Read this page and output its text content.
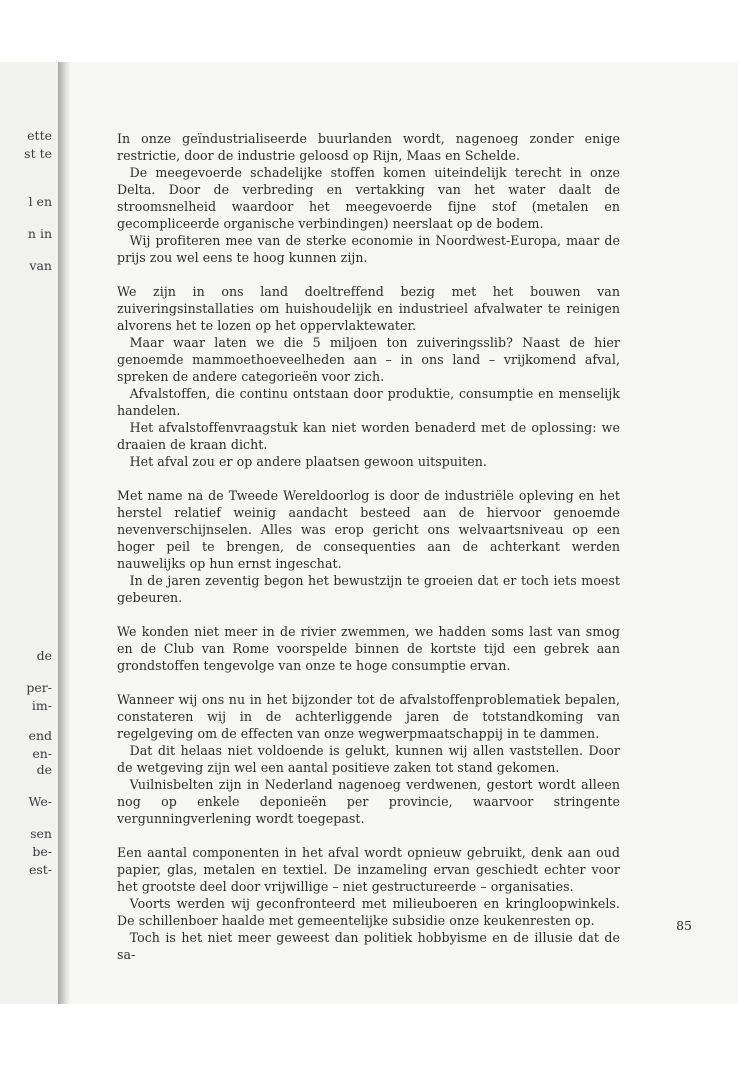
ette
st te
l en
n in
van
de
per-
im-
end
en-
de
We-
sen
be-
est-

In onze geïndustrialiseerde buurlanden wordt, nagenoeg zonder enige restrictie, door de industrie geloosd op Rijn, Maas en Schelde.

De meegevoerde schadelijke stoffen komen uiteindelijk terecht in onze Delta. Door de verbreding en vertakking van het water daalt de stroomsnelheid waardoor het meegevoerde fijne stof (metalen en gecompliceerde organische verbindingen) neerslaat op de bodem.

Wij profiteren mee van de sterke economie in Noordwest-Europa, maar de prijs zou wel eens te hoog kunnen zijn.

We zijn in ons land doeltreffend bezig met het bouwen van zuiveringsinstallaties om huishoudelijk en industrieel afvalwater te reinigen alvorens het te lozen op het oppervlaktewater.

Maar waar laten we die 5 miljoen ton zuiveringsslib? Naast de hier genoemde mammoethoeveelheden aan – in ons land – vrijkomend afval, spreken de andere categorieën voor zich.

Afvalstoffen, die continu ontstaan door produktie, consumptie en menselijk handelen.

Het afvalstoffenvraagstuk kan niet worden benaderd met de oplossing: we draaien de kraan dicht.

Het afval zou er op andere plaatsen gewoon uitspuiten.

Met name na de Tweede Wereldoorlog is door de industriële opleving en het herstel relatief weinig aandacht besteed aan de hiervoor genoemde nevenverschijnselen. Alles was erop gericht ons welvaartsniveau op een hoger peil te brengen, de consequenties aan de achterkant werden nauwelijks op hun ernst ingeschat.

In de jaren zeventig begon het bewustzijn te groeien dat er toch iets moest gebeuren.

We konden niet meer in de rivier zwemmen, we hadden soms last van smog en de Club van Rome voorspelde binnen de kortste tijd een gebrek aan grondstoffen tengevolge van onze te hoge consumptie ervan.

Wanneer wij ons nu in het bijzonder tot de afvalstoffenproblematiek bepalen, constateren wij in de achterliggende jaren de totstandkoming van regelgeving om de effecten van onze wegwerpmaatschappij in te dammen.

Dat dit helaas niet voldoende is gelukt, kunnen wij allen vaststellen. Door de wetgeving zijn wel een aantal positieve zaken tot stand gekomen.

Vuilnisbelten zijn in Nederland nagenoeg verdwenen, gestort wordt alleen nog op enkele deponieën per provincie, waarvoor stringente vergunningverlening wordt toegepast.

Een aantal componenten in het afval wordt opnieuw gebruikt, denk aan oud papier, glas, metalen en textiel. De inzameling ervan geschiedt echter voor het grootste deel door vrijwillige – niet gestructureerde – organisaties.

Voorts werden wij geconfronteerd met milieuboeren en kringloopwinkels. De schillenboer haalde met gemeentelijke subsidie onze keukenresten op.

Toch is het niet meer geweest dan politiek hobbyisme en de illusie dat de sa-

85
